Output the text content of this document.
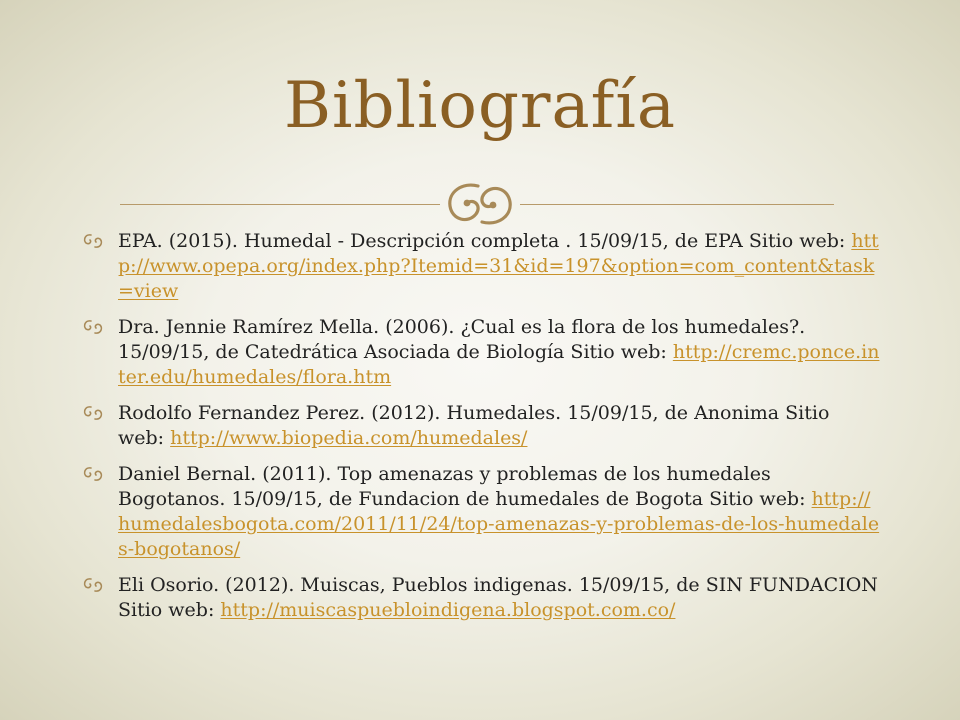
Bibliografía
EPA. (2015). Humedal - Descripción completa . 15/09/15, de EPA Sitio web: http://www.opepa.org/index.php?Itemid=31&id=197&option=com_content&task=view
Dra. Jennie Ramírez Mella. (2006). ¿Cual es la flora de los humedales?. 15/09/15, de Catedrática Asociada de Biología Sitio web: http://cremc.ponce.inter.edu/humedales/flora.htm
Rodolfo Fernandez Perez. (2012). Humedales. 15/09/15, de Anonima Sitio web: http://www.biopedia.com/humedales/
Daniel Bernal. (2011). Top amenazas y problemas de los humedales Bogotanos. 15/09/15, de Fundacion de humedales de Bogota Sitio web: http://humedalesbogota.com/2011/11/24/top-amenazas-y-problemas-de-los-humedales-bogotanos/
Eli Osorio. (2012). Muiscas, Pueblos indigenas. 15/09/15, de SIN FUNDACION Sitio web: http://muiscaspuebloindigena.blogspot.com.co/
